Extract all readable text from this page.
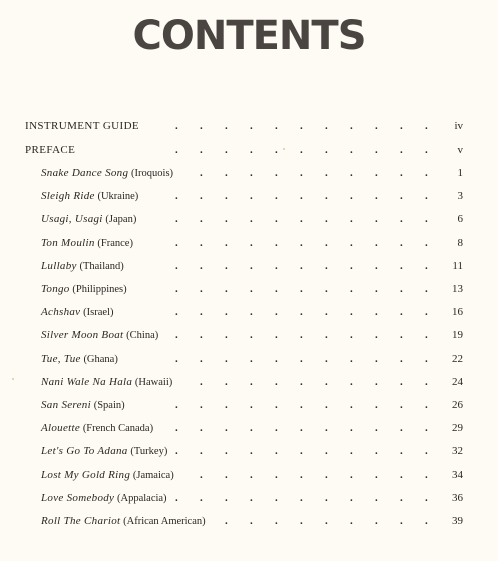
CONTENTS
INSTRUMENT GUIDE	. . . . . . . . . . .	iv
PREFACE	. . . . . . . . . . .	v
Snake Dance Song (Iroquois) . . . . . . . . . .	1
Sleigh Ride (Ukraine)	. . . . . . . . . . .	3
Usagi, Usagi (Japan)	. . . . . . . . . . .	6
Ton Moulin (France)	. . . . . . . . . . .	8
Lullaby (Thailand)	. . . . . . . . . . .	11
Tongo (Philippines)	. . . . . . . . . . .	13
Achshav (Israel)	. . . . . . . . . . .	16
Silver Moon Boat (China) . . . . . . . . . . .	19
Tue, Tue (Ghana)	. . . . . . . . . . .	22
Nani Wale Na Hala (Hawaii)	. . . . . . . . . .	24
San Sereni (Spain)	. . . . . . . . . . .	26
Alouette (French Canada) . . . . . . . . . . .	29
Let's Go To Adana (Turkey) . . . . . . . . . . .	32
Lost My Gold Ring (Jamaica) . . . . . . . . . .	34
Love Somebody (Appalacia) . . . . . . . . . . .	36
Roll The Chariot (African American) . . . . . . . . .	39
